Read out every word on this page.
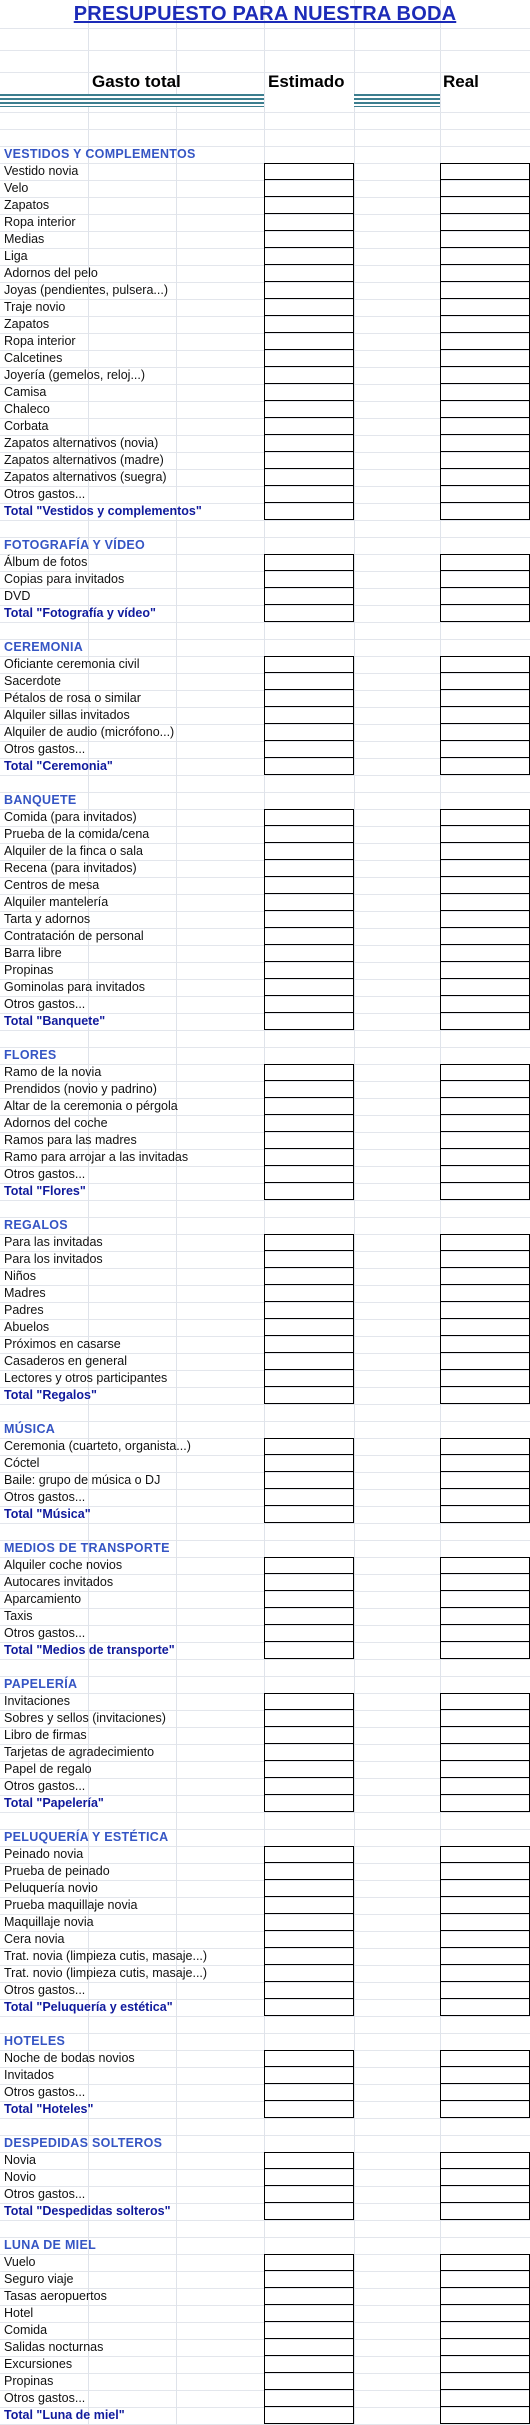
PRESUPUESTO PARA NUESTRA BODA
Gasto total	Estimado	Real
VESTIDOS Y COMPLEMENTOS
Vestido novia
Velo
Zapatos
Ropa interior
Medias
Liga
Adornos del pelo
Joyas (pendientes, pulsera...)
Traje novio
Zapatos
Ropa interior
Calcetines
Joyería (gemelos, reloj...)
Camisa
Chaleco
Corbata
Zapatos alternativos (novia)
Zapatos alternativos (madre)
Zapatos alternativos (suegra)
Otros gastos...
Total "Vestidos y complementos"
FOTOGRAFÍA Y VÍDEO
Álbum de fotos
Copias para invitados
DVD
Total "Fotografía y vídeo"
CEREMONIA
Oficiante ceremonia civil
Sacerdote
Pétalos de rosa o similar
Alquiler sillas invitados
Alquiler de audio (micrófono...)
Otros gastos...
Total "Ceremonia"
BANQUETE
Comida (para invitados)
Prueba de la comida/cena
Alquiler de la finca o sala
Recena (para invitados)
Centros de mesa
Alquiler mantelería
Tarta y adornos
Contratación de personal
Barra libre
Propinas
Gominolas para invitados
Otros gastos...
Total "Banquete"
FLORES
Ramo de la novia
Prendidos (novio y padrino)
Altar de la ceremonia o pérgola
Adornos del coche
Ramos para las madres
Ramo para arrojar a las invitadas
Otros gastos...
Total "Flores"
REGALOS
Para las invitadas
Para los invitados
Niños
Madres
Padres
Abuelos
Próximos en casarse
Casaderos en general
Lectores y otros participantes
Total "Regalos"
MÚSICA
Ceremonia (cuarteto, organista...)
Cóctel
Baile: grupo de música o DJ
Otros gastos...
Total "Música"
MEDIOS DE TRANSPORTE
Alquiler coche novios
Autocares invitados
Aparcamiento
Taxis
Otros gastos...
Total "Medios de transporte"
PAPELERÍA
Invitaciones
Sobres y sellos (invitaciones)
Libro de firmas
Tarjetas de agradecimiento
Papel de regalo
Otros gastos...
Total "Papelería"
PELUQUERÍA Y ESTÉTICA
Peinado novia
Prueba de peinado
Peluquería novio
Prueba maquillaje novia
Maquillaje novia
Cera novia
Trat. novia (limpieza cutis, masaje...)
Trat. novio (limpieza cutis, masaje...)
Otros gastos...
Total "Peluquería y estética"
HOTELES
Noche de bodas novios
Invitados
Otros gastos...
Total "Hoteles"
DESPEDIDAS SOLTEROS
Novia
Novio
Otros gastos...
Total "Despedidas solteros"
LUNA DE MIEL
Vuelo
Seguro viaje
Tasas aeropuertos
Hotel
Comida
Salidas nocturnas
Excursiones
Propinas
Otros gastos...
Total "Luna de miel"
